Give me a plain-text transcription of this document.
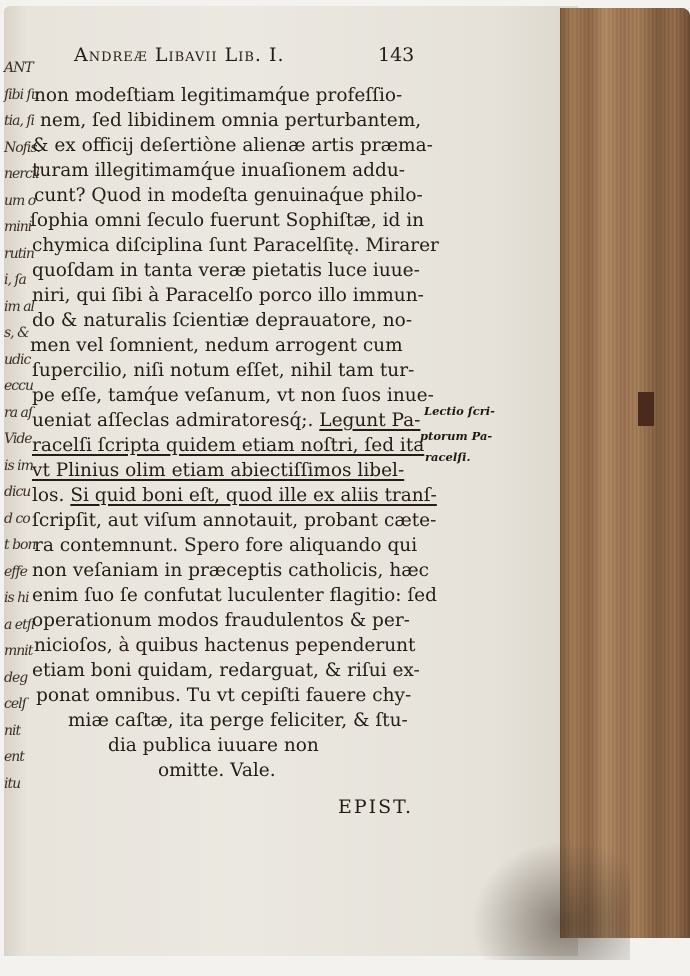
ANT
ſibi ſu
tia, ſi
Nofis.
nercil
um o
mini
rutin
i, ſa
im al
s, &
udic
eccu
ra aſ
Vide
is im
dicu
d co
t bon
effe
is hi
a etſi
mnit
deg
celſ
nit
ent
itu
Andreæ Libavii Lib. I.	143
Lectio ſcri-
ptorum Pa-
racelſi.
EPIST.
non modeſtiam legitimamq́ue profeſſio-
nem, ſed libidinem omnia perturbantem,
& ex officij deſertiòne alienæ artis præma-
turam illegitimamq́ue inuaſionem addu-
cunt? Quod in modeſta genuinaq́ue philo-
ſophia omni ſeculo fuerunt Sophiſtæ, id in
chymica diſciplina ſunt Paracelſitę. Mirarer
quoſdam in tanta veræ pietatis luce iuue-
niri, qui ſibi à Paracelſo porco illo immun-
do & naturalis ſcientiæ deprauatore, no-
men vel ſomnient, nedum arrogent cum
ſupercilio, niſi notum eſſet, nihil tam tur-
pe eſſe, tamq́ue veſanum, vt non ſuos inue-
ueniat aſſeclas admiratoresq́;. Legunt Pa-
racelſi ſcripta quidem etiam noſtri, ſed ita
vt Plinius olim etiam abiectiſſimos libel-
los. Si quid boni eſt, quod ille ex aliis tranſ-
ſcripſit, aut viſum annotauit, probant cæte-
ra contemnunt. Spero fore aliquando qui
non veſaniam in præceptis catholicis, hæc
enim ſuo ſe confutat luculenter flagitio: ſed
operationum modos fraudulentos & per-
nicioſos, à quibus hactenus pependerunt
etiam boni quidam, redarguat, & riſui ex-
ponat omnibus. Tu vt cepiſti fauere chy-
miæ caſtæ, ita perge feliciter, & ſtu-
dia publica iuuare non
omitte. Vale.
